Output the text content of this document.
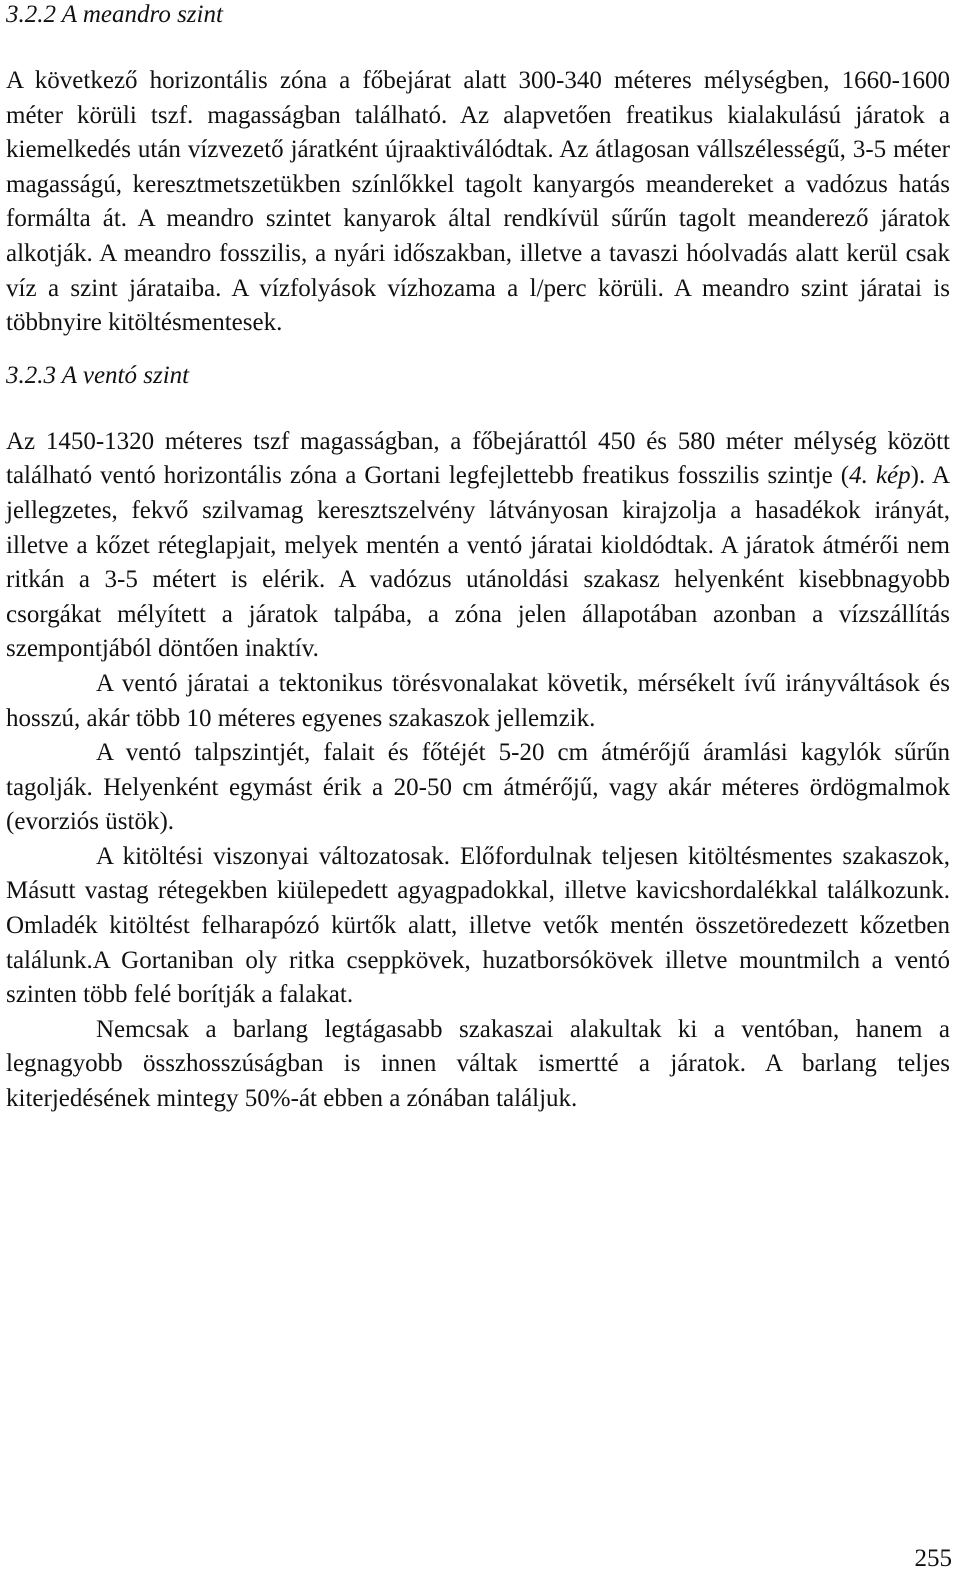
3.2.2 A meandro szint

A következő horizontális zóna a főbejárat alatt 300-340 méteres mélységben, 1660-1600 méter körüli tszf. magasságban található. Az alapvetően freatikus kialakulású járatok a kiemelkedés után vízvezető járatként újraaktiválódtak. Az átlagosan vállszélességű, 3-5 méter magasságú, keresztmetszetükben színlőkkel tagolt kanyargós meandereket a vadózus hatás formálta át. A meandro szintet kanyarok által rendkívül sűrűn tagolt meanderező járatok alkotják. A meandro fosszilis, a nyári időszakban, illetve a tavaszi hóolvadás alatt kerül csak víz a szint járataiba. A vízfolyások vízhozama a l/perc körüli. A meandro szint járatai is többnyire kitöltésmentesek.

3.2.3 A ventó szint

Az 1450-1320 méteres tszf magasságban, a főbejárattól 450 és 580 méter mélység között található ventó horizontális zóna a Gortani legfejlettebb freatikus fosszilis szintje (4. kép). A jellegzetes, fekvő szilvamag keresztszelvény látványosan kirajzolja a hasadékok irányát, illetve a kőzet réteglapjait, melyek mentén a ventó járatai kioldódtak. A járatok átmérői nem ritkán a 3-5 métert is elérik. A vadózus utánoldási szakasz helyenként kisebbnagyobb csorgákat mélyített a járatok talpába, a zóna jelen állapotában azonban a vízszállítás szempontjából döntően inaktív.

A ventó járatai a tektonikus törésvonalakat követik, mérsékelt ívű irányváltások és hosszú, akár több 10 méteres egyenes szakaszok jellemzik.

A ventó talpszintjét, falait és főtéjét 5-20 cm átmérőjű áramlási kagylók sűrűn tagolják. Helyenként egymást érik a 20-50 cm átmérőjű, vagy akár méteres ördögmalmok (evorziós üstök).

A kitöltési viszonyai változatosak. Előfordulnak teljesen kitöltésmentes szakaszok, Másutt vastag rétegekben kiülepedett agyagpadokkal, illetve kavicshordalékkal találkozunk. Omladék kitöltést felharapózó kürtők alatt, illetve vetők mentén összetöredezett kőzetben találunk.A Gortaniban oly ritka cseppkövek, huzatborsókövek illetve mountmilch a ventó szinten több felé borítják a falakat.

Nemcsak a barlang legtágasabb szakaszai alakultak ki a ventóban, hanem a legnagyobb összhosszúságban is innen váltak ismertté a járatok. A barlang teljes kiterjedésének mintegy 50%-át ebben a zónában találjuk.

255
